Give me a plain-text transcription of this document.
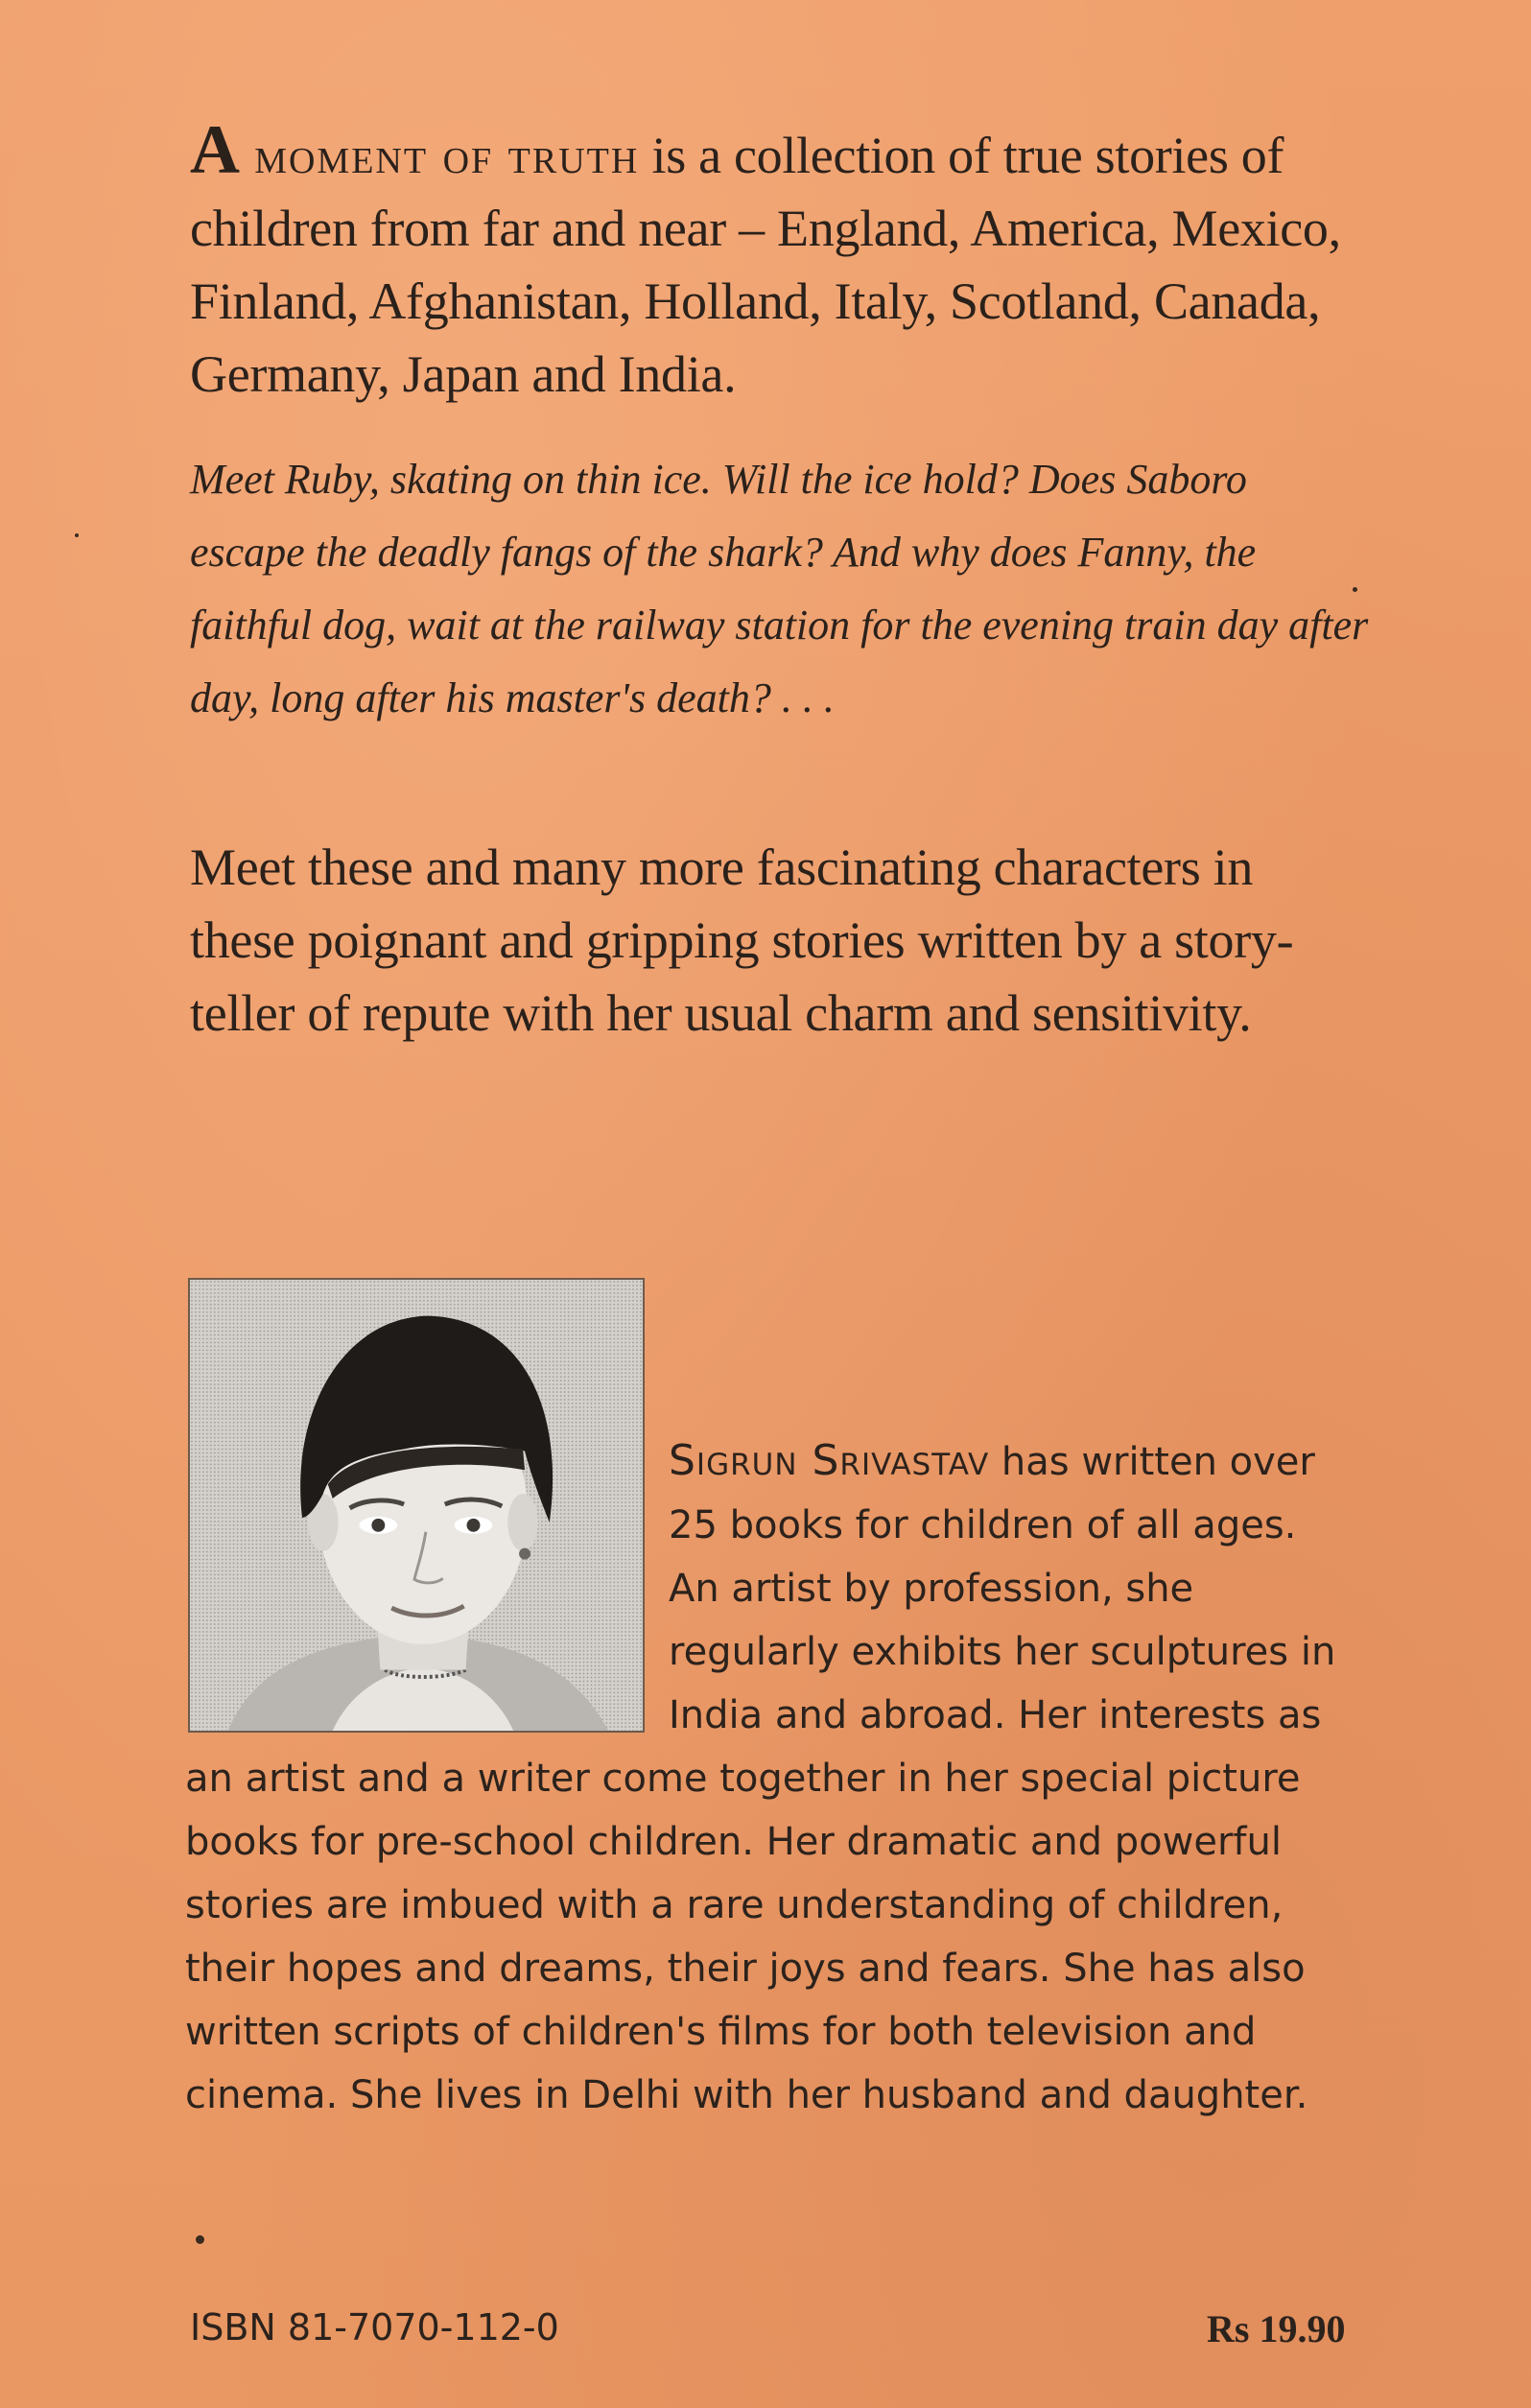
A moment of truth is a collection of true stories of children from far and near – England, America, Mexico, Finland, Afghanistan, Holland, Italy, Scotland, Canada, Germany, Japan and India.

Meet Ruby, skating on thin ice. Will the ice hold? Does Saboro escape the deadly fangs of the shark? And why does Fanny, the faithful dog, wait at the railway station for the evening train day after day, long after his master's death? . . .

Meet these and many more fascinating characters in these poignant and gripping stories written by a story-teller of repute with her usual charm and sensitivity.

Sigrun Srivastav has written over 25 books for children of all ages. An artist by profession, she regularly exhibits her sculptures in India and abroad. Her interests as an artist and a writer come together in her special picture books for pre-school children. Her dramatic and powerful stories are imbued with a rare understanding of children, their hopes and dreams, their joys and fears. She has also written scripts of children's films for both television and cinema. She lives in Delhi with her husband and daughter.

ISBN 81-7070-112-0	Rs 19.90
